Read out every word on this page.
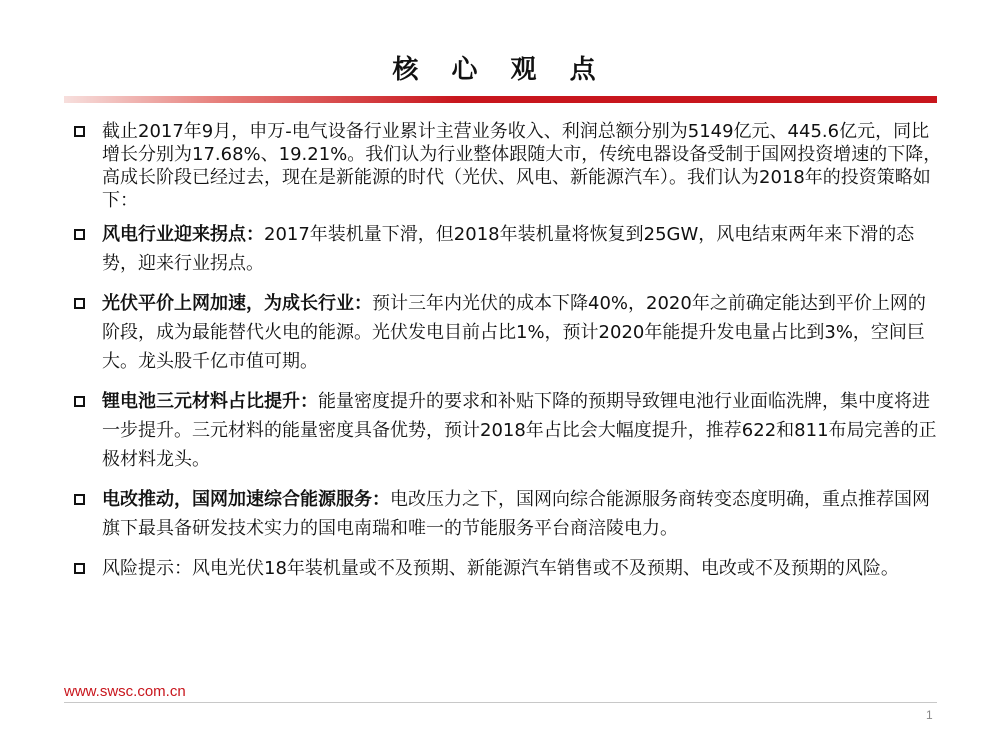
核 心 观 点
截止2017年9月，申万-电气设备行业累计主营业务收入、利润总额分别为5149亿元、445.6亿元，同比增长分别为17.68%、19.21%。我们认为行业整体跟随大市，传统电器设备受制于国网投资增速的下降，高成长阶段已经过去，现在是新能源的时代（光伏、风电、新能源汽车）。我们认为2018年的投资策略如下：
风电行业迎来拐点：2017年装机量下滑，但2018年装机量将恢复到25GW，风电结束两年来下滑的态势，迎来行业拐点。
光伏平价上网加速，为成长行业：预计三年内光伏的成本下降40%，2020年之前确定能达到平价上网的阶段，成为最能替代火电的能源。光伏发电目前占比1%，预计2020年能提升发电量占比到3%，空间巨大。龙头股千亿市值可期。
锂电池三元材料占比提升：能量密度提升的要求和补贴下降的预期导致锂电池行业面临洗牌，集中度将进一步提升。三元材料的能量密度具备优势，预计2018年占比会大幅度提升，推荐622和811布局完善的正极材料龙头。
电改推动，国网加速综合能源服务：电改压力之下，国网向综合能源服务商转变态度明确，重点推荐国网旗下最具备研发技术实力的国电南瑞和唯一的节能服务平台商涪陵电力。
风险提示：风电光伏18年装机量或不及预期、新能源汽车销售或不及预期、电改或不及预期的风险。
www.swsc.com.cn
1
